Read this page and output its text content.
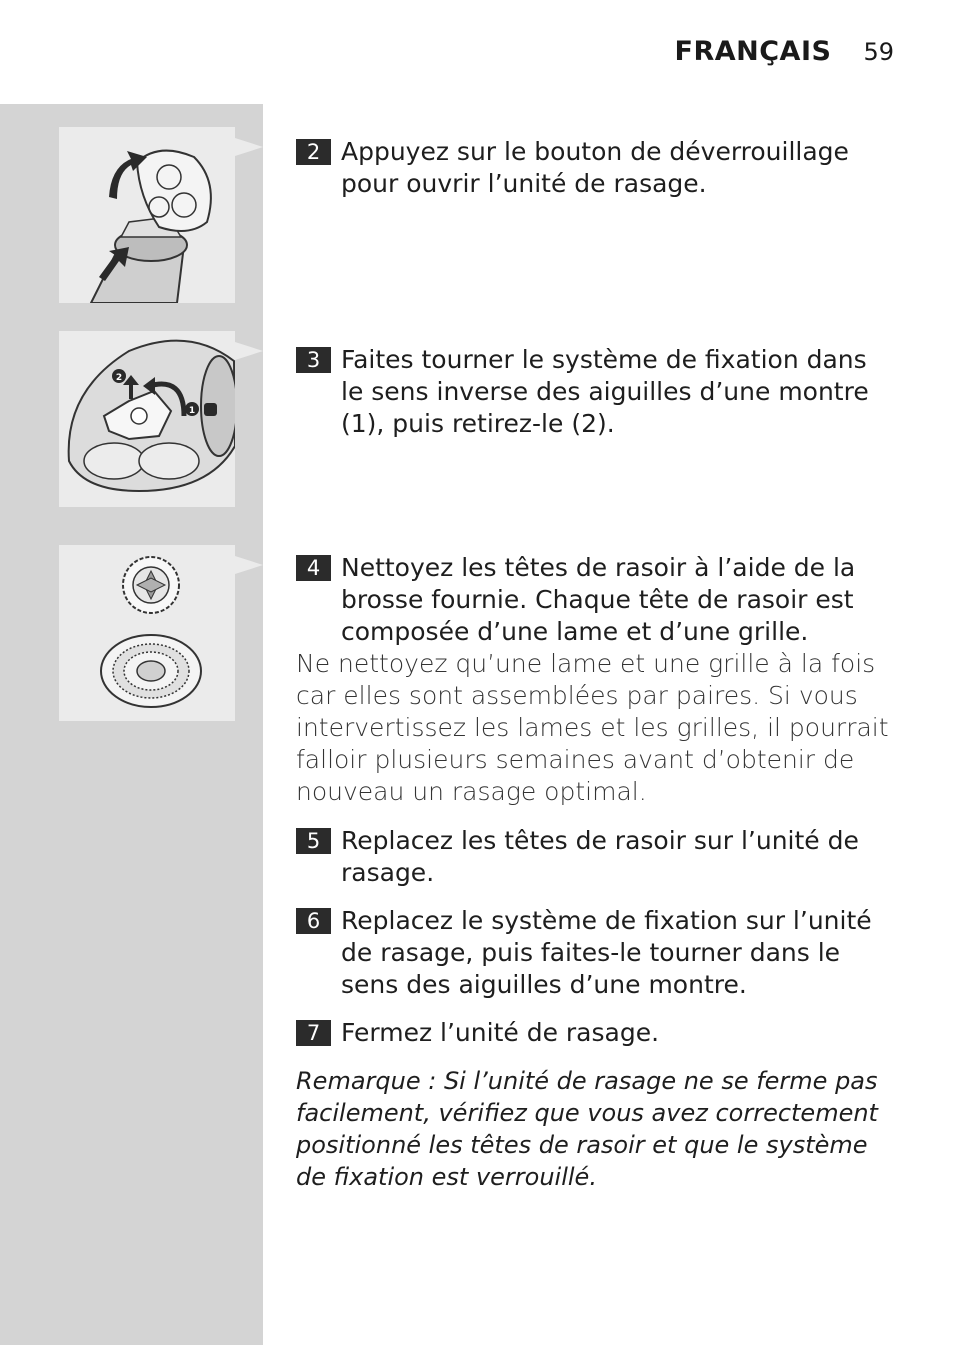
FRANÇAIS 59
2
1
2 Appuyez sur le bouton de déverrouillage pour ouvrir l’unité de rasage.
3 Faites tourner le système de fixation dans le sens inverse des aiguilles d’une montre (1), puis retirez-le (2).
4 Nettoyez les têtes de rasoir à l’aide de la brosse fournie. Chaque tête de rasoir est composée d’une lame et d’une grille.
Ne nettoyez qu’une lame et une grille à la fois car elles sont assemblées par paires. Si vous intervertissez les lames et les grilles, il pourrait falloir plusieurs semaines avant d’obtenir de nouveau un rasage optimal.
5 Replacez les têtes de rasoir sur l’unité de rasage.
6 Replacez le système de fixation sur l’unité de rasage, puis faites-le tourner dans le sens des aiguilles d’une montre.
7 Fermez l’unité de rasage.
Remarque : Si l’unité de rasage ne se ferme pas facilement, vérifiez que vous avez correctement positionné les têtes de rasoir et que le système de fixation est verrouillé.
